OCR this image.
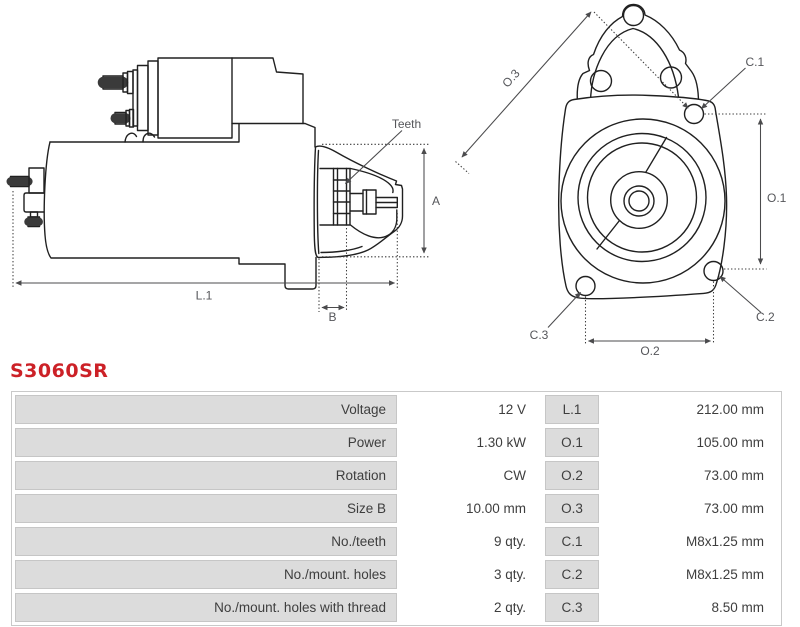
Teeth
A
L.1
B
O.3
C.1
O.1
C.2
C.3
O.2
S3060SR
Voltage	12 V	L.1	212.00 mm
Power	1.30 kW	O.1	105.00 mm
Rotation	CW	O.2	73.00 mm
Size B	10.00 mm	O.3	73.00 mm
No./teeth	9 qty.	C.1	M8x1.25 mm
No./mount. holes	3 qty.	C.2	M8x1.25 mm
No./mount. holes with thread	2 qty.	C.3	8.50 mm
